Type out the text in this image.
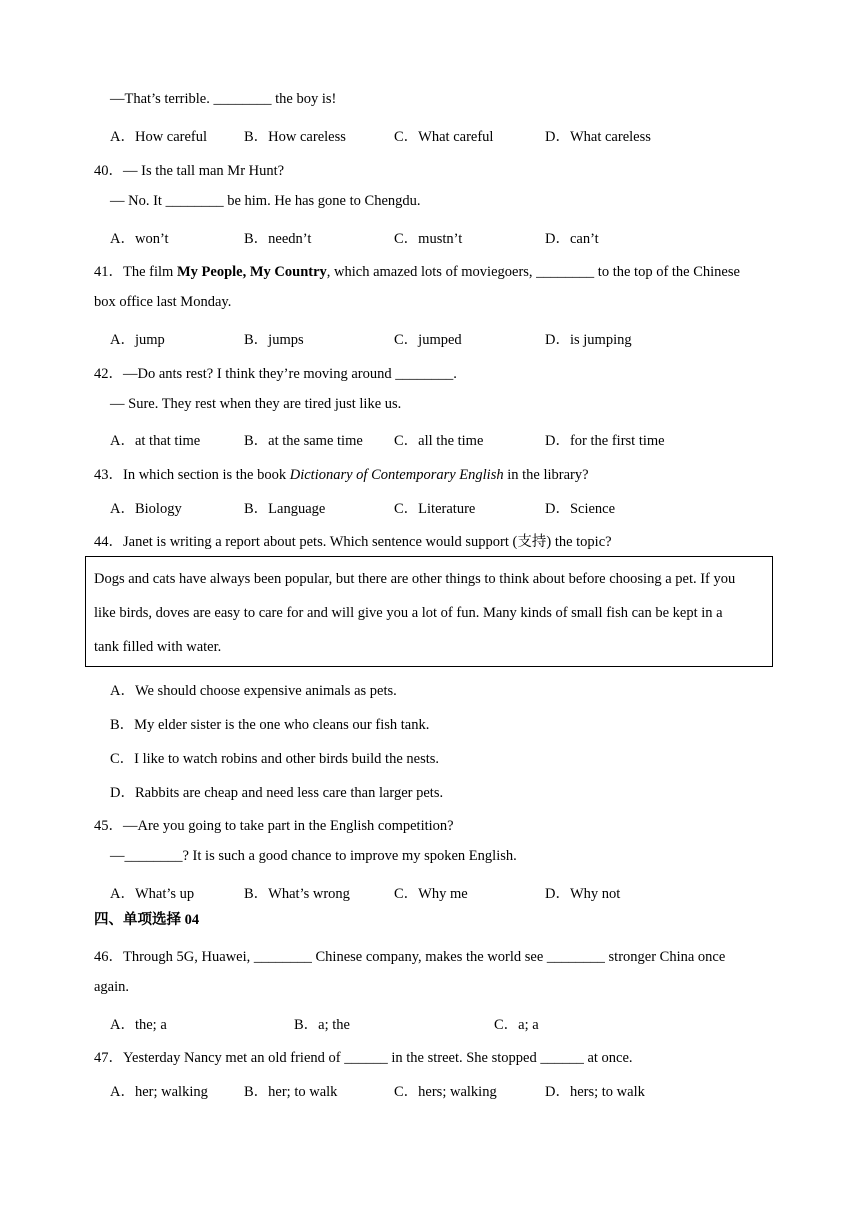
—That’s terrible. ________ the boy is!
A．How careful	B．How careless	C．What careful	D．What careless
40．— Is the tall man Mr Hunt?
— No. It ________ be him. He has gone to Chengdu.
A．won’t	B．needn’t	C．mustn’t	D．can’t
41．The film My People, My Country, which amazed lots of moviegoers, ________ to the top of the Chinese
box office last Monday.
A．jump	B．jumps	C．jumped	D．is jumping
42．—Do ants rest? I think they’re moving around ________.
— Sure. They rest when they are tired just like us.
A．at that time	B．at the same time C．all the time	D．for the first time
43．In which section is the book Dictionary of Contemporary English in the library?
A．Biology	B．Language	C．Literature	D．Science
44．Janet is writing a report about pets. Which sentence would support (支持) the topic?
Dogs and cats have always been popular, but there are other things to think about before choosing a pet. If you
like birds, doves are easy to care for and will give you a lot of fun. Many kinds of small fish can be kept in a
tank filled with water.
A．We should choose expensive animals as pets.
B．My elder sister is the one who cleans our fish tank.
C．I like to watch robins and other birds build the nests.
D．Rabbits are cheap and need less care than larger pets.
45．—Are you going to take part in the English competition?
—________? It is such a good chance to improve my spoken English.
A．What’s up	B．What’s wrong	C．Why me	D．Why not
四、单项选择 04
46．Through 5G, Huawei, ________ Chinese company, makes the world see ________ stronger China once
again.
A．the; a	B．a; the	C．a; a
47．Yesterday Nancy met an old friend of ______ in the street. She stopped ______ at once.
A．her; walking B．her; to walk	C．hers; walking	D．hers; to walk
